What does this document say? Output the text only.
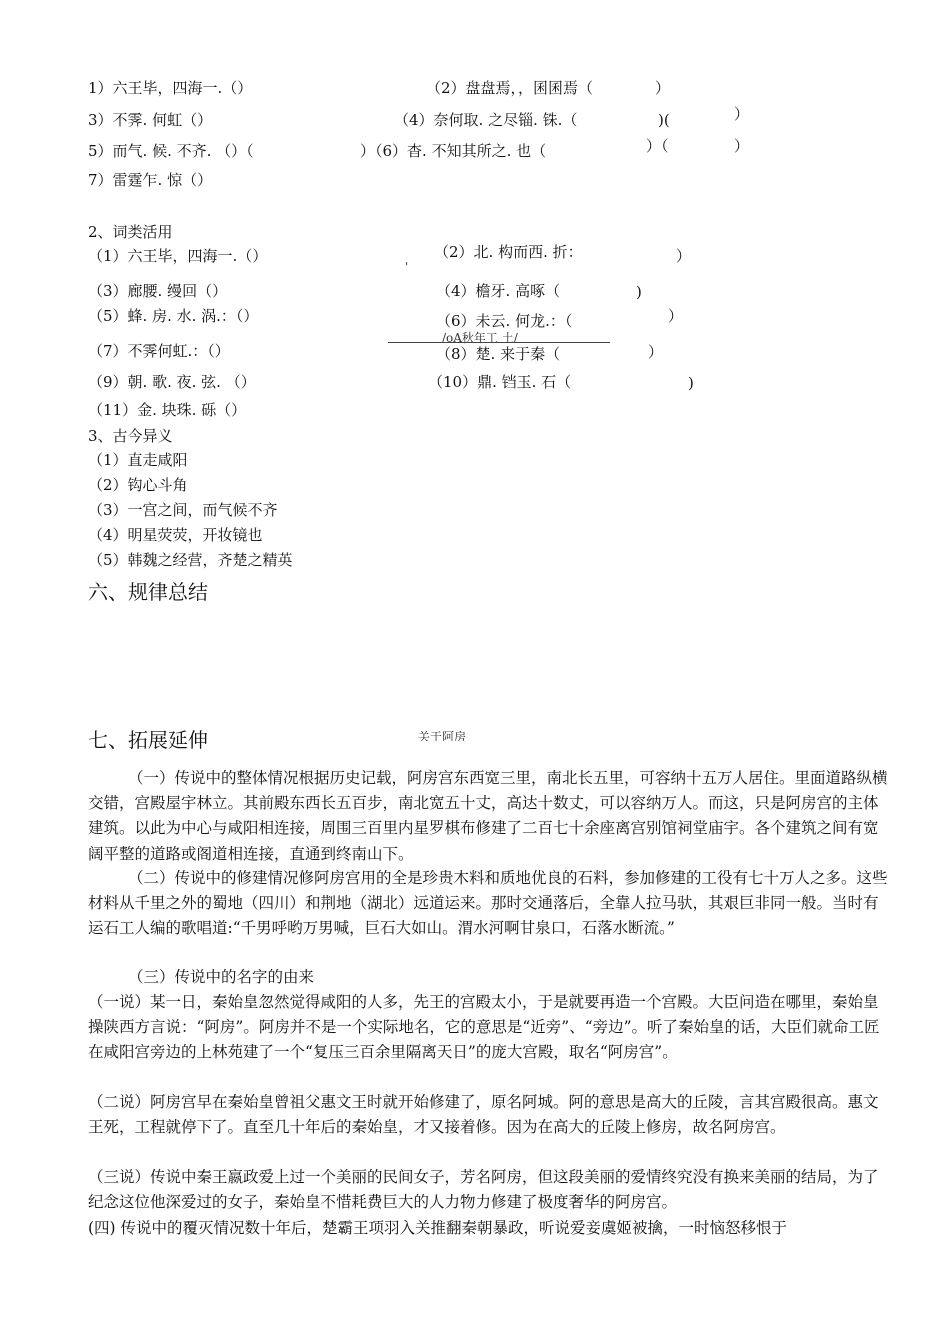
1）六王毕，四海一.（）	（2）盘盘焉，，囷囷焉（	）
3）不霁. 何虹（）	（4）奈何取. 之尽锱. 铢.（	)(	）
5）而气. 候. 不齐. （）（	）（6）杳. 不知其所之. 也（	）（	）
7）雷霆乍. 惊（）
2、词类活用
（1）六王毕，四海一.（）	（2）北. 构而西. 折：	）
'
（3）廊腰. 缦回（）	（4）檐牙. 高啄（	)
（5）蜂. 房. 水. 涡.：（）	（6）未云. 何龙.：（	）
/oA秋年工 土/
（7）不霁何虹.：（）	（8）楚. 来于秦（	）
（9）朝. 歌. 夜. 弦. （）	（10）鼎. 铛玉. 石（	)
（11）金. 块珠. 砾（）
3、古今异义
（1）直走咸阳
（2）钩心斗角
（3）一宫之间，而气候不齐
（4）明星荧荧，开妆镜也
（5）韩魏之经营，齐楚之精英
六、规律总结
七、拓展延伸	关于阿房
（一）传说中的整体情况根据历史记载，阿房宫东西宽三里，南北长五里，可容纳十五万人居住。里面道路纵横交错，宫殿屋宇林立。其前殿东西长五百步，南北宽五十丈，高达十数丈，可以容纳万人。而这，只是阿房宫的主体建筑。以此为中心与咸阳相连接，周围三百里内星罗棋布修建了二百七十余座离宫别馆祠堂庙宇。各个建筑之间有宽阔平整的道路或阁道相连接，直通到终南山下。
（二）传说中的修建情况修阿房宫用的全是珍贵木料和质地优良的石料，参加修建的工役有七十万人之多。这些材料从千里之外的蜀地（四川）和荆地（湖北）远道运来。那时交通落后，全靠人拉马驮，其艰巨非同一般。当时有运石工人编的歌唱道:“千男呼哟万男喊，巨石大如山。渭水河啊甘泉口，石落水断流。”
（三）传说中的名字的由来
（一说）某一日，秦始皇忽然觉得咸阳的人多，先王的宫殿太小，于是就要再造一个宫殿。大臣问造在哪里，秦始皇操陕西方言说：“阿房”。阿房并不是一个实际地名，它的意思是“近旁”、“旁边”。听了秦始皇的话，大臣们就命工匠在咸阳宫旁边的上林苑建了一个“复压三百余里隔离天日”的庞大宫殿，取名“阿房宫”。
（二说）阿房宫早在秦始皇曾祖父惠文王时就开始修建了，原名阿城。阿的意思是高大的丘陵，言其宫殿很高。惠文王死，工程就停下了。直至几十年后的秦始皇，才又接着修。因为在高大的丘陵上修房，故名阿房宫。
（三说）传说中秦王嬴政爱上过一个美丽的民间女子，芳名阿房，但这段美丽的爱情终究没有换来美丽的结局，为了纪念这位他深爱过的女子，秦始皇不惜耗费巨大的人力物力修建了极度奢华的阿房宫。
(四) 传说中的覆灭情况数十年后，楚霸王项羽入关推翻秦朝暴政，听说爱妾虞姬被擒，一时恼怒移恨于
